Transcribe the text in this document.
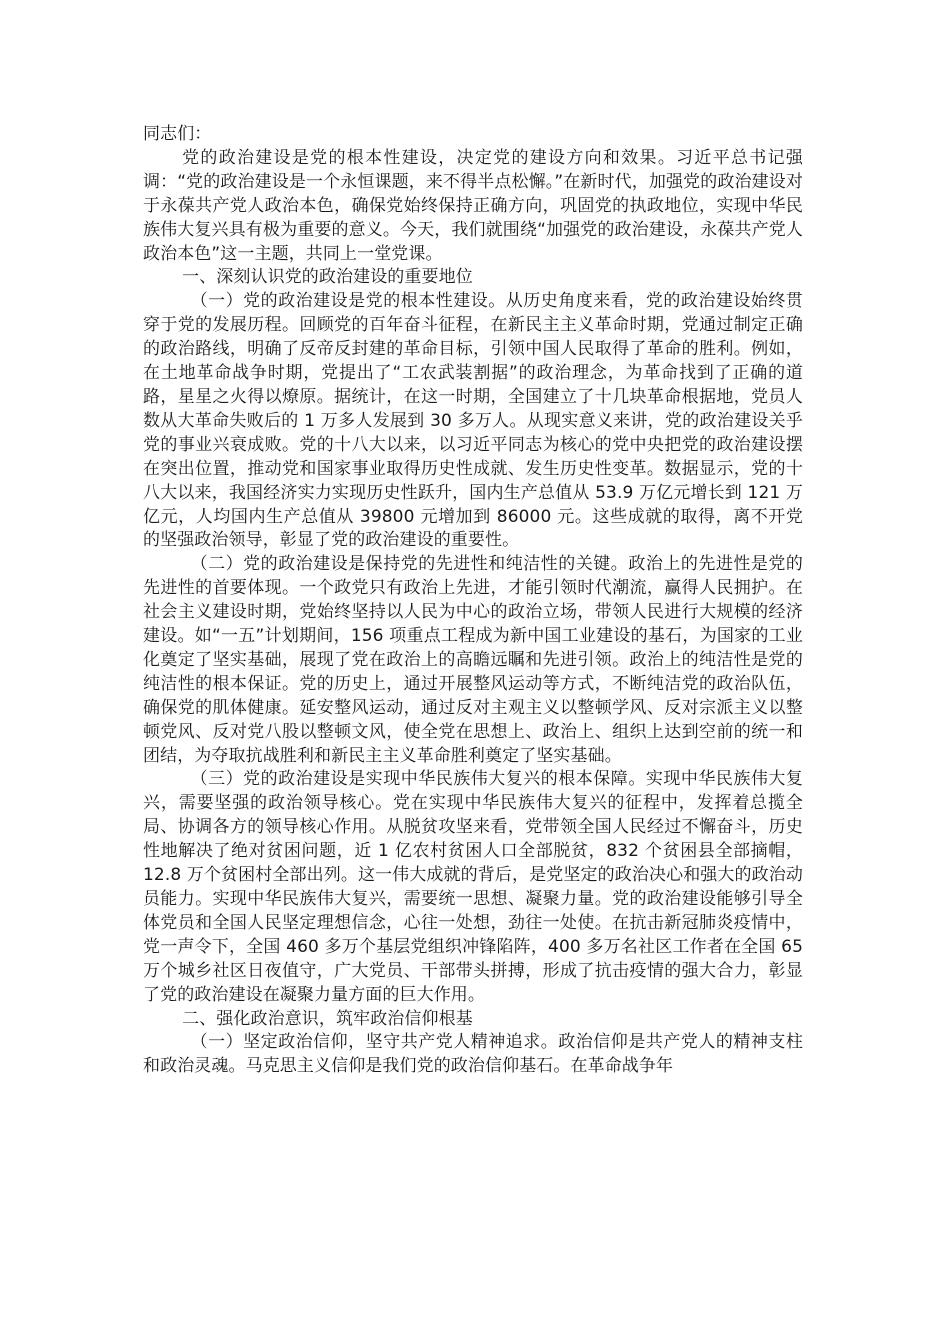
同志们：

党的政治建设是党的根本性建设，决定党的建设方向和效果。习近平总书记强调：“党的政治建设是一个永恒课题，来不得半点松懈。”在新时代，加强党的政治建设对于永葆共产党人政治本色，确保党始终保持正确方向，巩固党的执政地位，实现中华民族伟大复兴具有极为重要的意义。今天，我们就围绕“加强党的政治建设，永葆共产党人政治本色”这一主题，共同上一堂党课。

一、深刻认识党的政治建设的重要地位

（一）党的政治建设是党的根本性建设。从历史角度来看，党的政治建设始终贯穿于党的发展历程。回顾党的百年奋斗征程，在新民主主义革命时期，党通过制定正确的政治路线，明确了反帝反封建的革命目标，引领中国人民取得了革命的胜利。例如，在土地革命战争时期，党提出了“工农武装割据”的政治理念，为革命找到了正确的道路，星星之火得以燎原。据统计，在这一时期，全国建立了十几块革命根据地，党员人数从大革命失败后的 1 万多人发展到 30 多万人。从现实意义来讲，党的政治建设关乎党的事业兴衰成败。党的十八大以来，以习近平同志为核心的党中央把党的政治建设摆在突出位置，推动党和国家事业取得历史性成就、发生历史性变革。数据显示，党的十八大以来，我国经济实力实现历史性跃升，国内生产总值从 53.9 万亿元增长到 121 万亿元，人均国内生产总值从 39800 元增加到 86000 元。这些成就的取得，离不开党的坚强政治领导，彰显了党的政治建设的重要性。

（二）党的政治建设是保持党的先进性和纯洁性的关键。政治上的先进性是党的先进性的首要体现。一个政党只有政治上先进，才能引领时代潮流，赢得人民拥护。在社会主义建设时期，党始终坚持以人民为中心的政治立场，带领人民进行大规模的经济建设。如“一五”计划期间，156 项重点工程成为新中国工业建设的基石，为国家的工业化奠定了坚实基础，展现了党在政治上的高瞻远瞩和先进引领。政治上的纯洁性是党的纯洁性的根本保证。党的历史上，通过开展整风运动等方式，不断纯洁党的政治队伍，确保党的肌体健康。延安整风运动，通过反对主观主义以整顿学风、反对宗派主义以整顿党风、反对党八股以整顿文风，使全党在思想上、政治上、组织上达到空前的统一和团结，为夺取抗战胜利和新民主主义革命胜利奠定了坚实基础。

（三）党的政治建设是实现中华民族伟大复兴的根本保障。实现中华民族伟大复兴，需要坚强的政治领导核心。党在实现中华民族伟大复兴的征程中，发挥着总揽全局、协调各方的领导核心作用。从脱贫攻坚来看，党带领全国人民经过不懈奋斗，历史性地解决了绝对贫困问题，近 1 亿农村贫困人口全部脱贫，832 个贫困县全部摘帽，12.8 万个贫困村全部出列。这一伟大成就的背后，是党坚定的政治决心和强大的政治动员能力。实现中华民族伟大复兴，需要统一思想、凝聚力量。党的政治建设能够引导全体党员和全国人民坚定理想信念，心往一处想，劲往一处使。在抗击新冠肺炎疫情中，党一声令下，全国 460 多万个基层党组织冲锋陷阵，400 多万名社区工作者在全国 65 万个城乡社区日夜值守，广大党员、干部带头拼搏，形成了抗击疫情的强大合力，彰显了党的政治建设在凝聚力量方面的巨大作用。

二、强化政治意识，筑牢政治信仰根基

（一）坚定政治信仰，坚守共产党人精神追求。政治信仰是共产党人的精神支柱和政治灵魂。马克思主义信仰是我们党的政治信仰基石。在革命战争年
